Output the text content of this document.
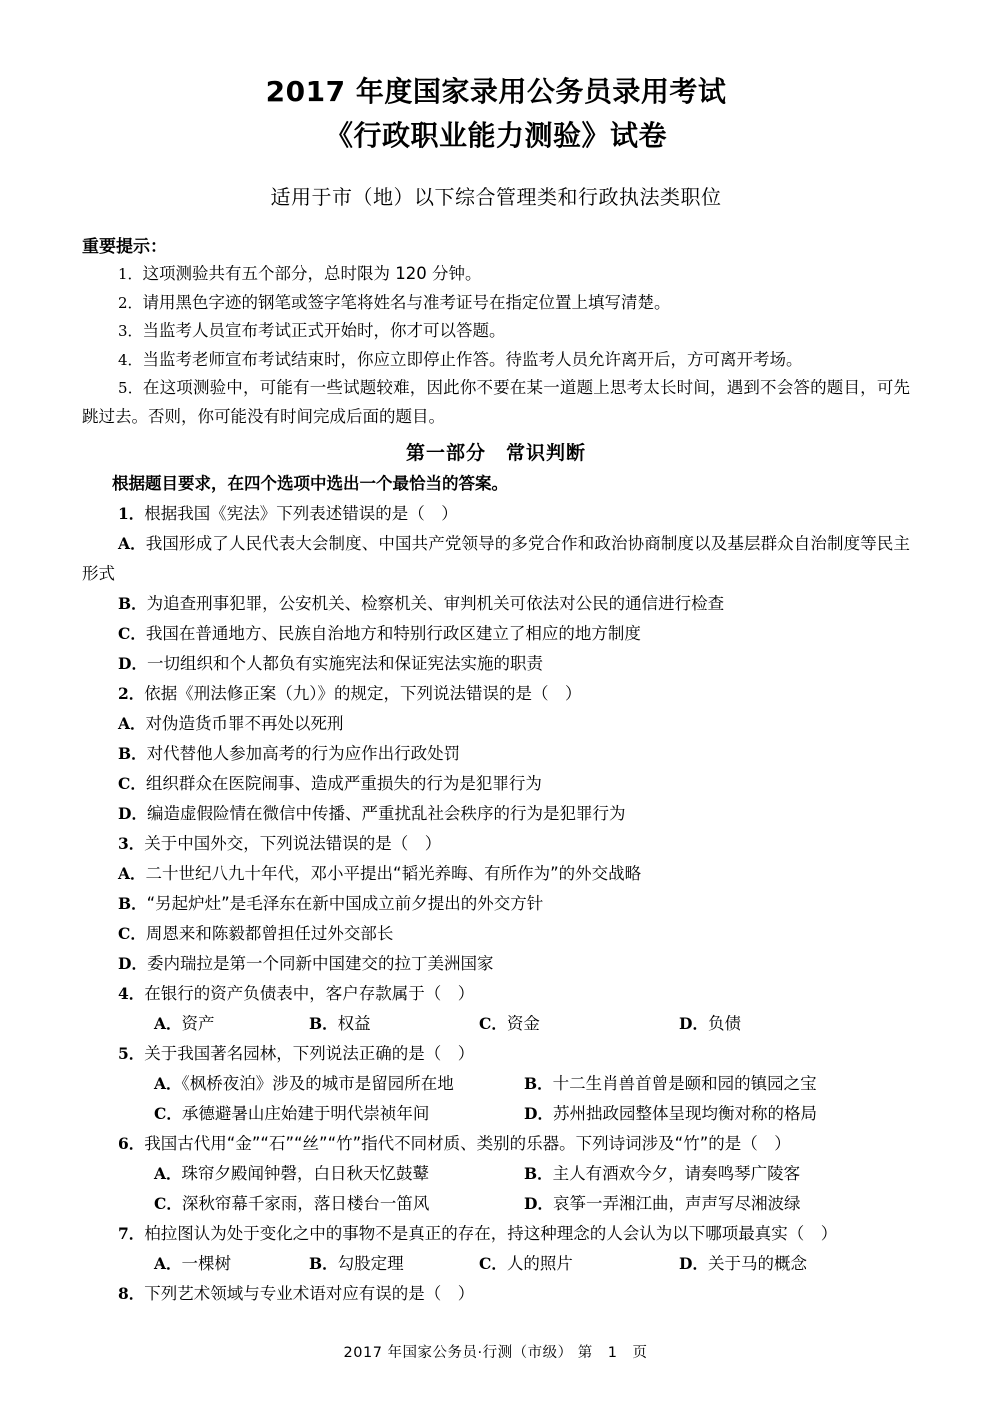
2017 年度国家录用公务员录用考试
《行政职业能力测验》试卷
适用于市（地）以下综合管理类和行政执法类职位
重要提示：
1．这项测验共有五个部分，总时限为 120 分钟。
2．请用黑色字迹的钢笔或签字笔将姓名与准考证号在指定位置上填写清楚。
3．当监考人员宣布考试正式开始时，你才可以答题。
4．当监考老师宣布考试结束时，你应立即停止作答。待监考人员允许离开后，方可离开考场。
5．在这项测验中，可能有一些试题较难，因此你不要在某一道题上思考太长时间，遇到不会答的题目，可先跳过去。否则，你可能没有时间完成后面的题目。
第一部分　常识判断
根据题目要求，在四个选项中选出一个最恰当的答案。
1．根据我国《宪法》下列表述错误的是（　）
A．我国形成了人民代表大会制度、中国共产党领导的多党合作和政治协商制度以及基层群众自治制度等民主形式
B．为追查刑事犯罪，公安机关、检察机关、审判机关可依法对公民的通信进行检查
C．我国在普通地方、民族自治地方和特别行政区建立了相应的地方制度
D．一切组织和个人都负有实施宪法和保证宪法实施的职责
2．依据《刑法修正案（九）》的规定，下列说法错误的是（　）
A．对伪造货币罪不再处以死刑
B．对代替他人参加高考的行为应作出行政处罚
C．组织群众在医院闹事、造成严重损失的行为是犯罪行为
D．编造虚假险情在微信中传播、严重扰乱社会秩序的行为是犯罪行为
3．关于中国外交，下列说法错误的是（　）
A．二十世纪八九十年代，邓小平提出“韬光养晦、有所作为”的外交战略
B．“另起炉灶”是毛泽东在新中国成立前夕提出的外交方针
C．周恩来和陈毅都曾担任过外交部长
D．委内瑞拉是第一个同新中国建交的拉丁美洲国家
4．在银行的资产负债表中，客户存款属于（　）
A．资产	B．权益	C．资金	D．负债
5．关于我国著名园林，下列说法正确的是（　）
A．《枫桥夜泊》涉及的城市是留园所在地	B．十二生肖兽首曾是颐和园的镇园之宝
C．承德避暑山庄始建于明代崇祯年间	D．苏州拙政园整体呈现均衡对称的格局
6．我国古代用“金”“石”“丝”“竹”指代不同材质、类别的乐器。下列诗词涉及“竹”的是（　）
A．珠帘夕殿闻钟磬，白日秋天忆鼓鼙	B．主人有酒欢今夕，请奏鸣琴广陵客
C．深秋帘幕千家雨，落日楼台一笛风	D．哀筝一弄湘江曲，声声写尽湘波绿
7．柏拉图认为处于变化之中的事物不是真正的存在，持这种理念的人会认为以下哪项最真实（　）
A．一棵树	B．勾股定理	C．人的照片	D．关于马的概念
8．下列艺术领域与专业术语对应有误的是（　）
2017 年国家公务员·行测（市级） 第　1　页
